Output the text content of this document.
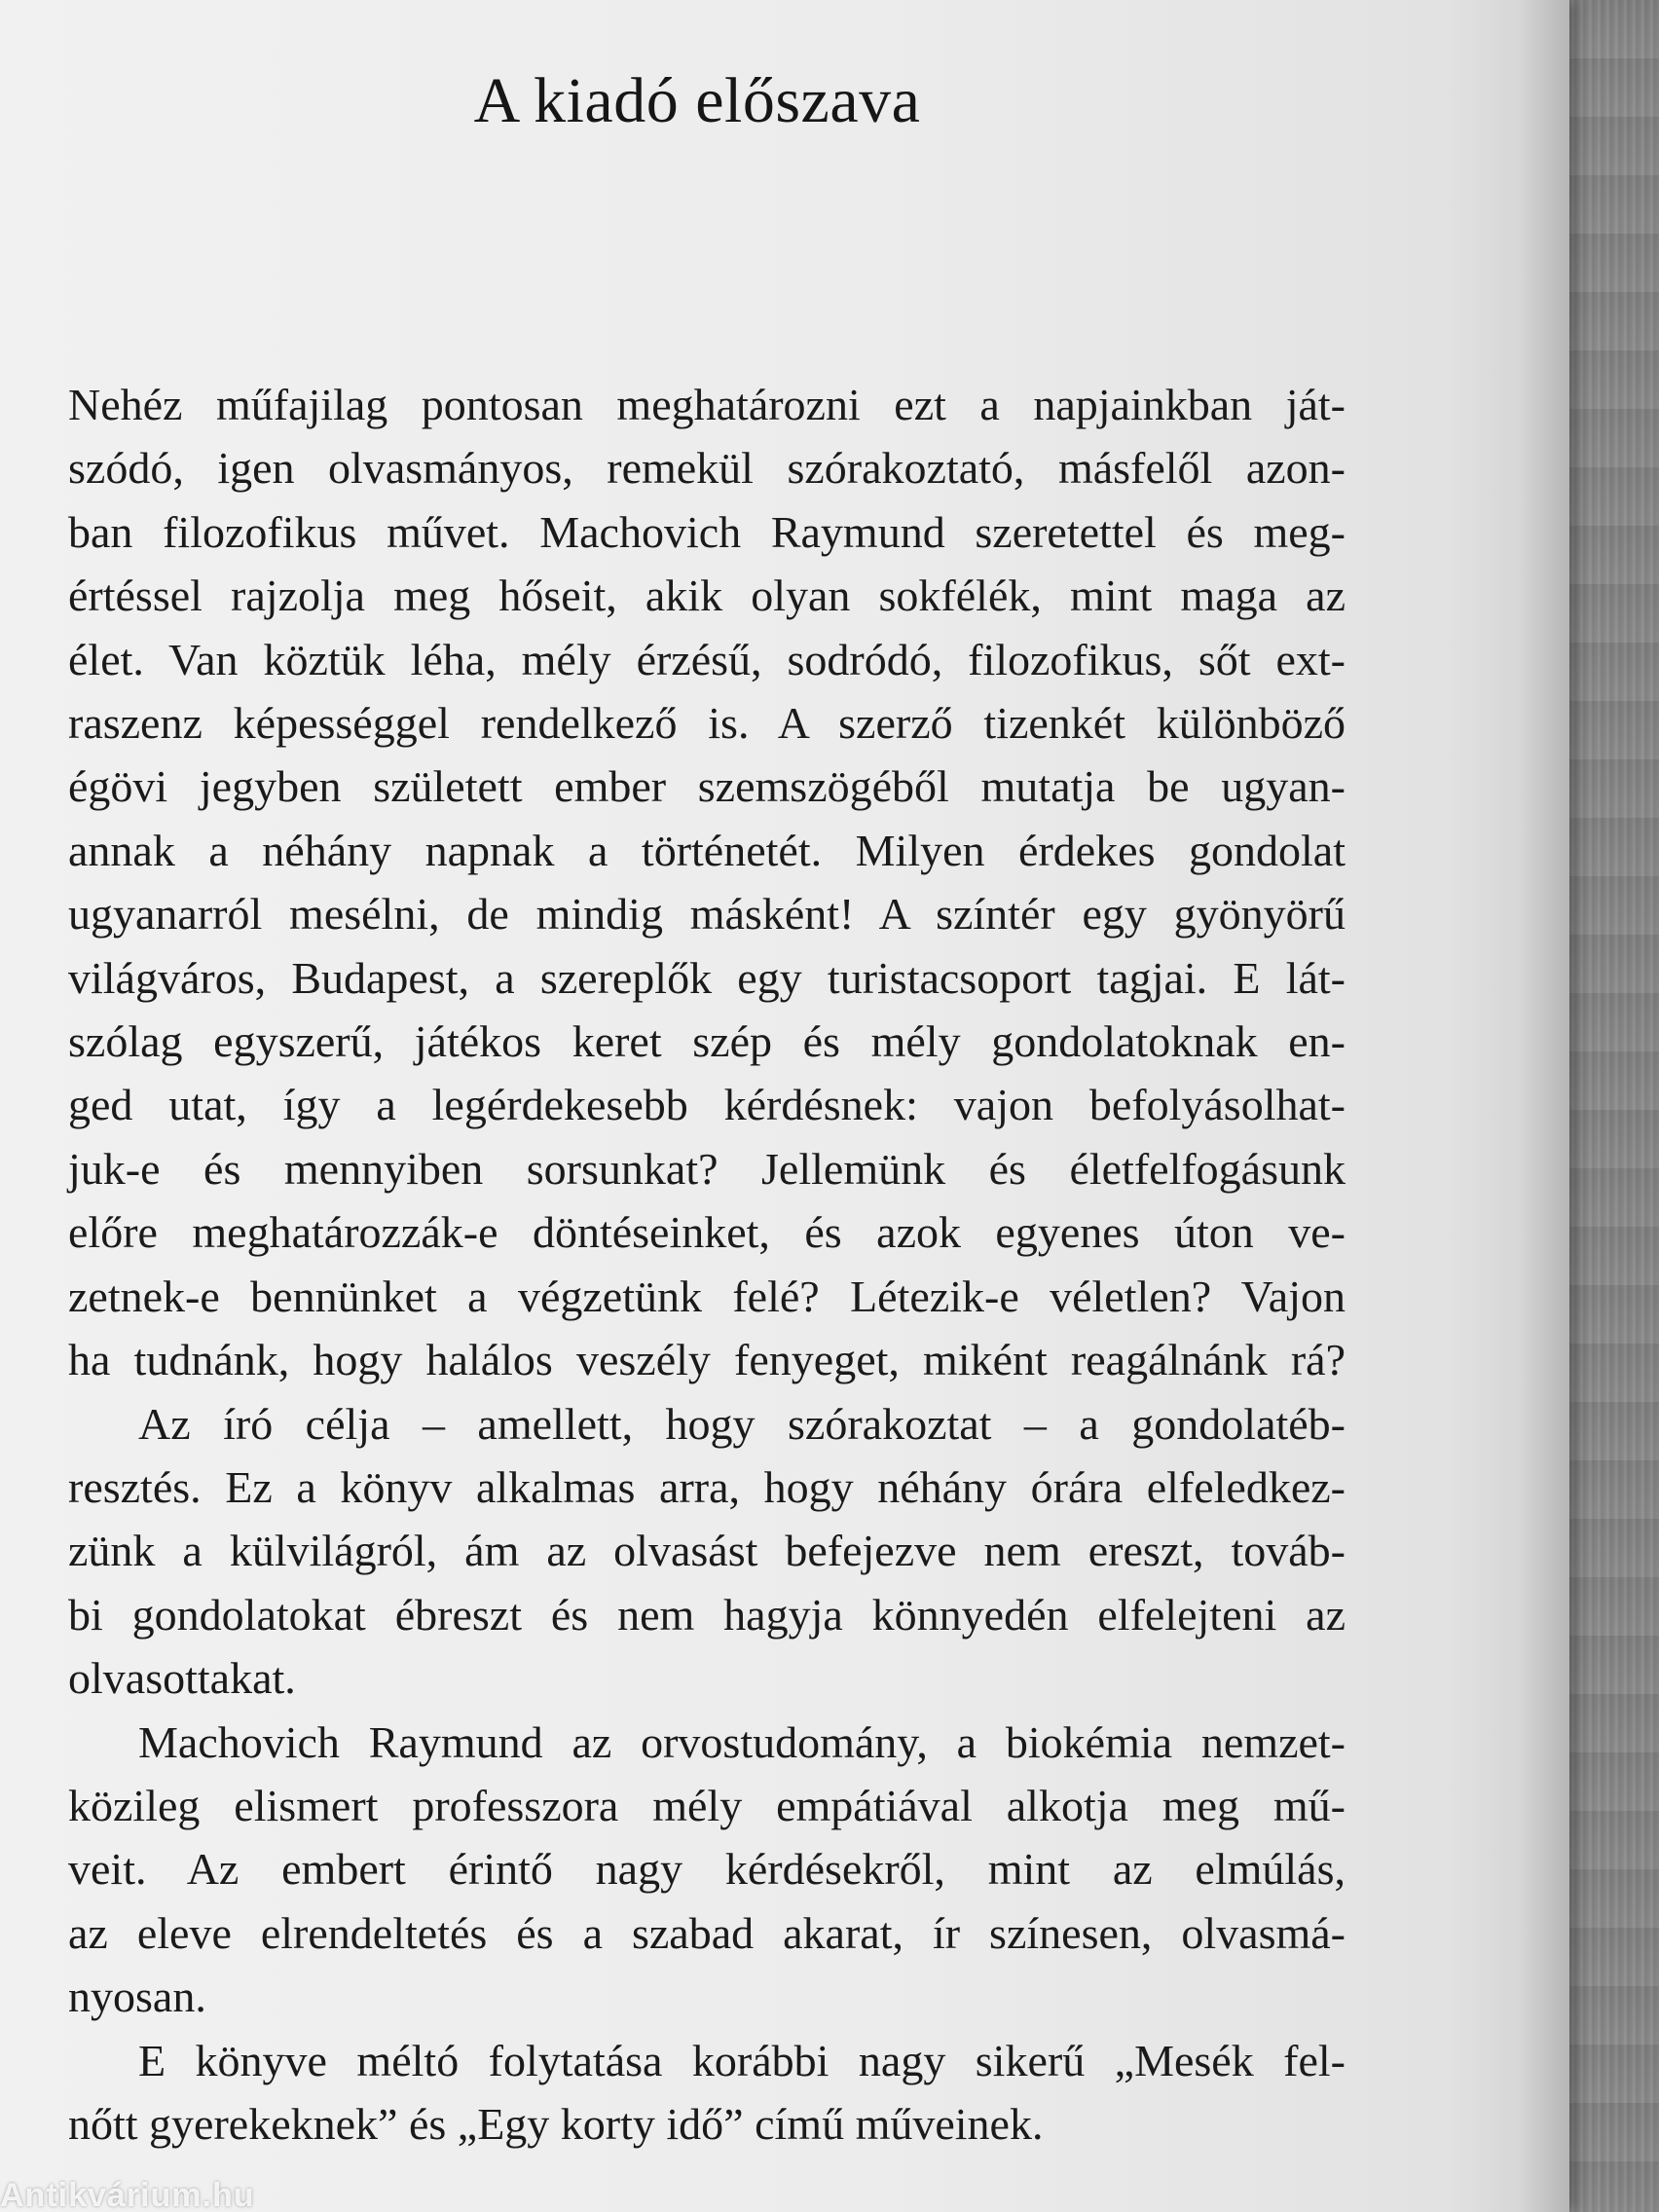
A kiadó előszava

Nehéz műfajilag pontosan meghatározni ezt a napjainkban ját-
szódó, igen olvasmányos, remekül szórakoztató, másfelől azon-
ban filozofikus művet. Machovich Raymund szeretettel és meg-
értéssel rajzolja meg hőseit, akik olyan sokfélék, mint maga az
élet. Van köztük léha, mély érzésű, sodródó, filozofikus, sőt ext-
raszenz képességgel rendelkező is. A szerző tizenkét különböző
égövi jegyben született ember szemszögéből mutatja be ugyan-
annak a néhány napnak a történetét. Milyen érdekes gondolat
ugyanarról mesélni, de mindig másként! A színtér egy gyönyörű
világváros, Budapest, a szereplők egy turistacsoport tagjai. E lát-
szólag egyszerű, játékos keret szép és mély gondolatoknak en-
ged utat, így a legérdekesebb kérdésnek: vajon befolyásolhat-
juk-e és mennyiben sorsunkat? Jellemünk és életfelfogásunk
előre meghatározzák-e döntéseinket, és azok egyenes úton ve-
zetnek-e bennünket a végzetünk felé? Létezik-e véletlen? Vajon
ha tudnánk, hogy halálos veszély fenyeget, miként reagálnánk rá?

Az író célja – amellett, hogy szórakoztat – a gondolatéb-
resztés. Ez a könyv alkalmas arra, hogy néhány órára elfeledkez-
zünk a külvilágról, ám az olvasást befejezve nem ereszt, továb-
bi gondolatokat ébreszt és nem hagyja könnyedén elfelejteni az
olvasottakat.

Machovich Raymund az orvostudomány, a biokémia nemzet-
közileg elismert professzora mély empátiával alkotja meg mű-
veit. Az embert érintő nagy kérdésekről, mint az elmúlás,
az eleve elrendeltetés és a szabad akarat, ír színesen, olvasmá-
nyosan.

E könyve méltó folytatása korábbi nagy sikerű „Mesék fel-
nőtt gyerekeknek” és „Egy korty idő” című műveinek.

Antikvárium.hu
